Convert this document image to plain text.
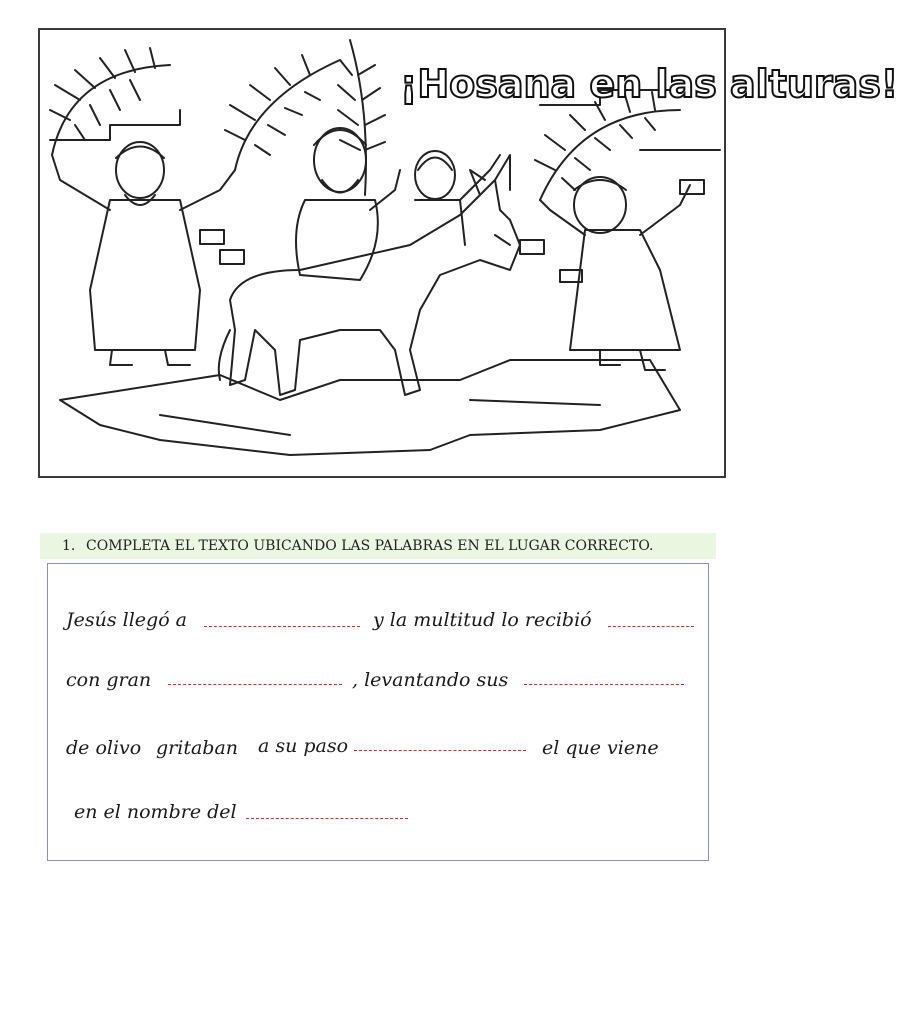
¡Hosana en las alturas!
1. COMPLETA EL TEXTO UBICANDO LAS PALABRAS EN EL LUGAR CORRECTO.
Jesús llegó a	y la multitud lo recibió
con gran	, levantando sus
de olivo gritaban a su paso	el que viene
en el nombre del
